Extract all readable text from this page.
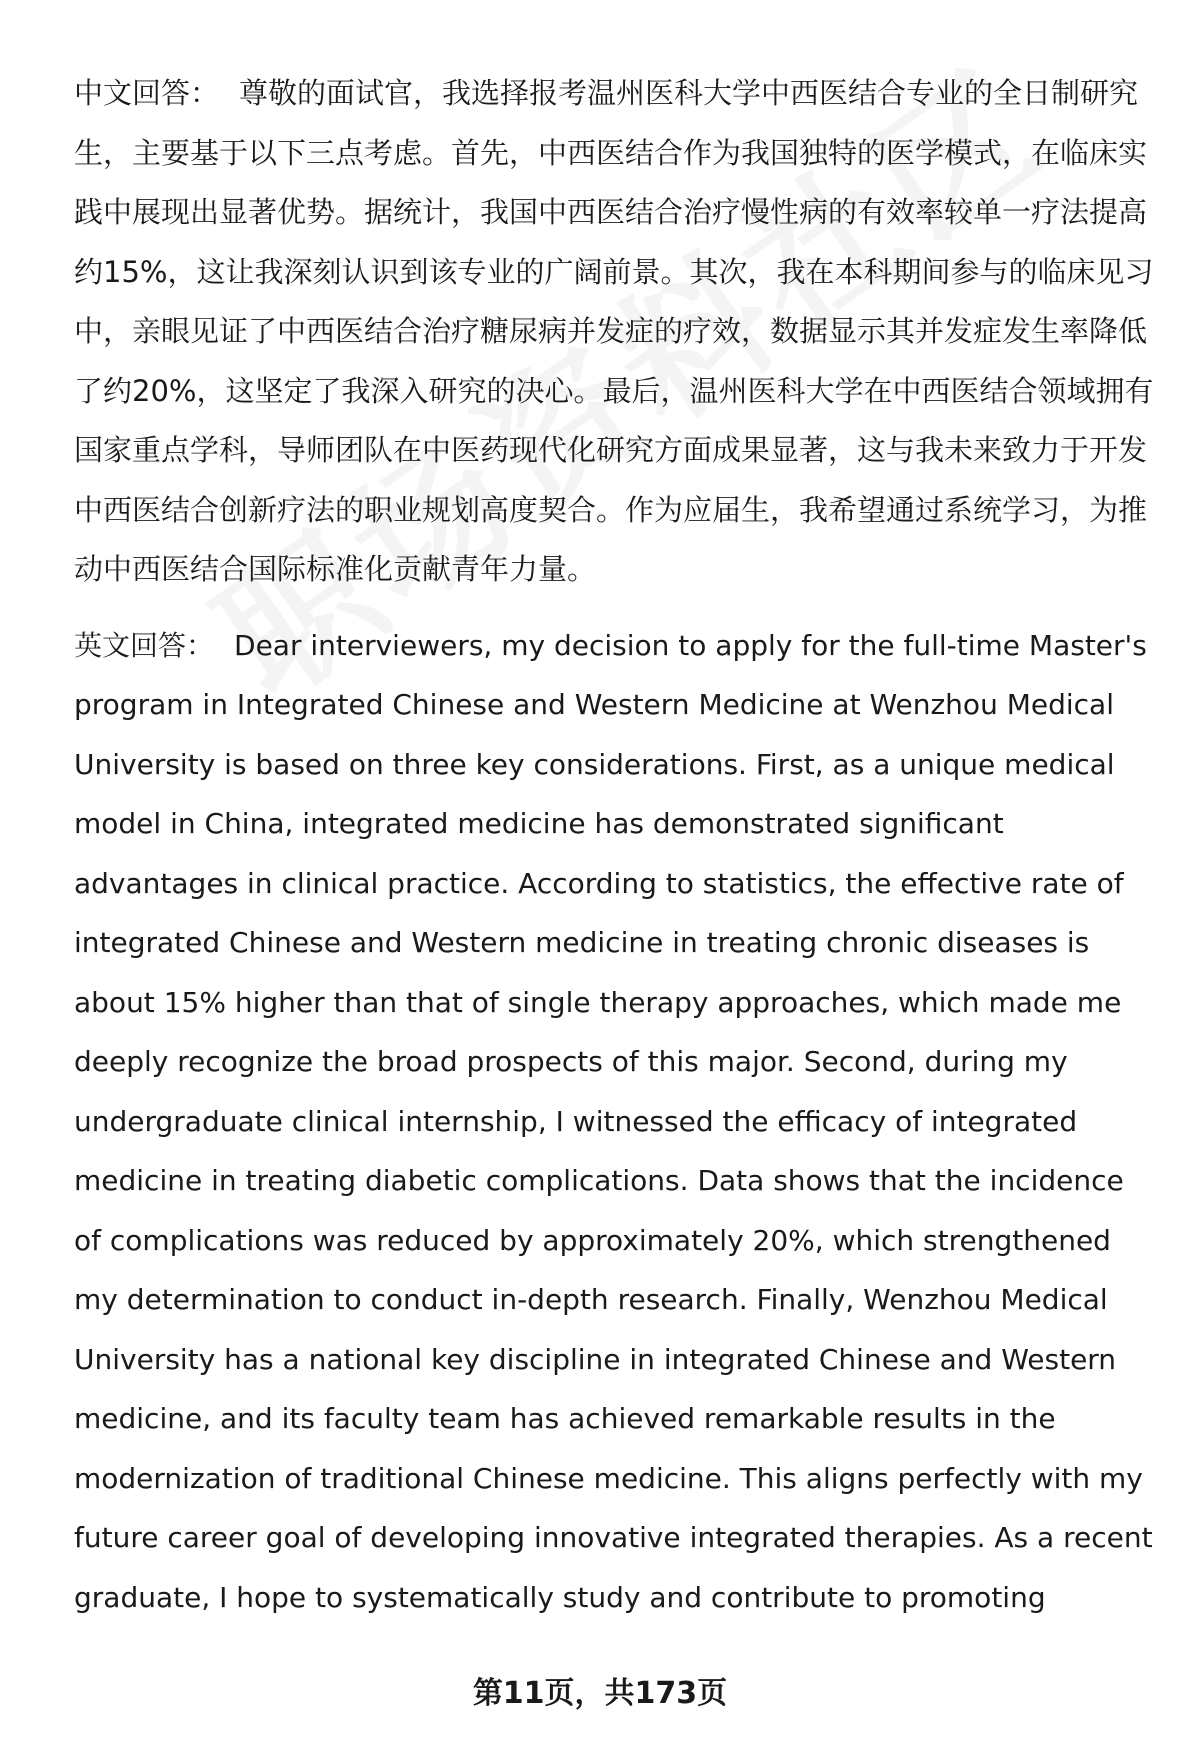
中文回答： 尊敬的面试官，我选择报考温州医科大学中西医结合专业的全日制研究生，主要基于以下三点考虑。首先，中西医结合作为我国独特的医学模式，在临床实践中展现出显著优势。据统计，我国中西医结合治疗慢性病的有效率较单一疗法提高约15%，这让我深刻认识到该专业的广阔前景。其次，我在本科期间参与的临床见习中，亲眼见证了中西医结合治疗糖尿病并发症的疗效，数据显示其并发症发生率降低了约20%，这坚定了我深入研究的决心。最后，温州医科大学在中西医结合领域拥有国家重点学科，导师团队在中医药现代化研究方面成果显著，这与我未来致力于开发中西医结合创新疗法的职业规划高度契合。作为应届生，我希望通过系统学习，为推动中西医结合国际标准化贡献青年力量。

英文回答： Dear interviewers, my decision to apply for the full-time Master's program in Integrated Chinese and Western Medicine at Wenzhou Medical University is based on three key considerations. First, as a unique medical model in China, integrated medicine has demonstrated significant advantages in clinical practice. According to statistics, the effective rate of integrated Chinese and Western medicine in treating chronic diseases is about 15% higher than that of single therapy approaches, which made me deeply recognize the broad prospects of this major. Second, during my undergraduate clinical internship, I witnessed the efficacy of integrated medicine in treating diabetic complications. Data shows that the incidence of complications was reduced by approximately 20%, which strengthened my determination to conduct in-depth research. Finally, Wenzhou Medical University has a national key discipline in integrated Chinese and Western medicine, and its faculty team has achieved remarkable results in the modernization of traditional Chinese medicine. This aligns perfectly with my future career goal of developing innovative integrated therapies. As a recent graduate, I hope to systematically study and contribute to promoting

第11页，共173页
